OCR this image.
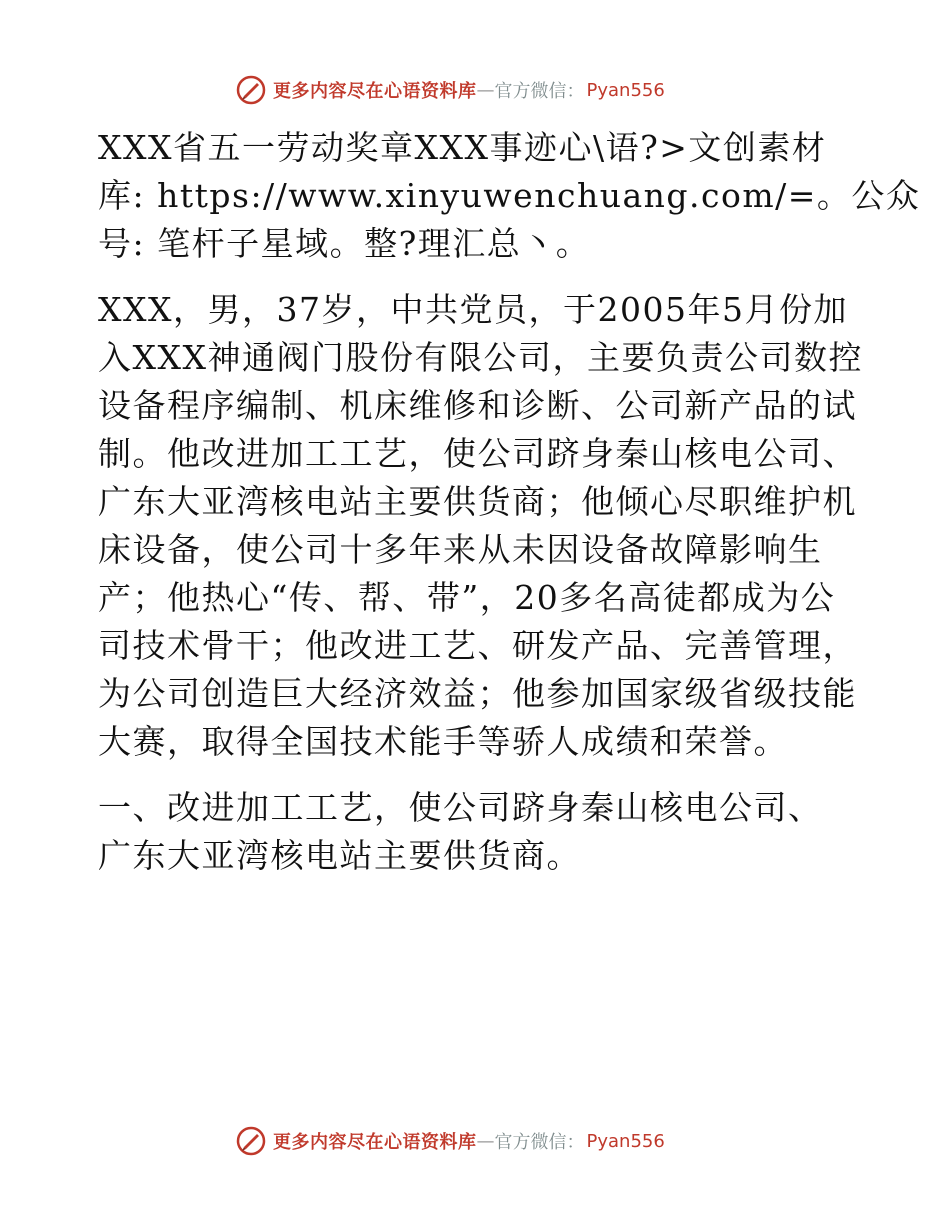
更多内容尽在心语资料库 — 官方微信： Pyan556

XXX省五一劳动奖章XXX事迹心\语?>文创素材
库: https://www.xinyuwenchuang.com/=。公众
号: 笔杆子星域。整?理汇总丶。

XXX，男，37岁，中共党员，于2005年5月份加
入XXX神通阀门股份有限公司，主要负责公司数控
设备程序编制、机床维修和诊断、公司新产品的试
制。他改进加工工艺，使公司跻身秦山核电公司、
广东大亚湾核电站主要供货商；他倾心尽职维护机
床设备，使公司十多年来从未因设备故障影响生
产；他热心“传、帮、带”，20多名高徒都成为公
司技术骨干；他改进工艺、研发产品、完善管理，
为公司创造巨大经济效益；他参加国家级省级技能
大赛，取得全国技术能手等骄人成绩和荣誉。

一、改进加工工艺，使公司跻身秦山核电公司、
广东大亚湾核电站主要供货商。

更多内容尽在心语资料库 — 官方微信： Pyan556
